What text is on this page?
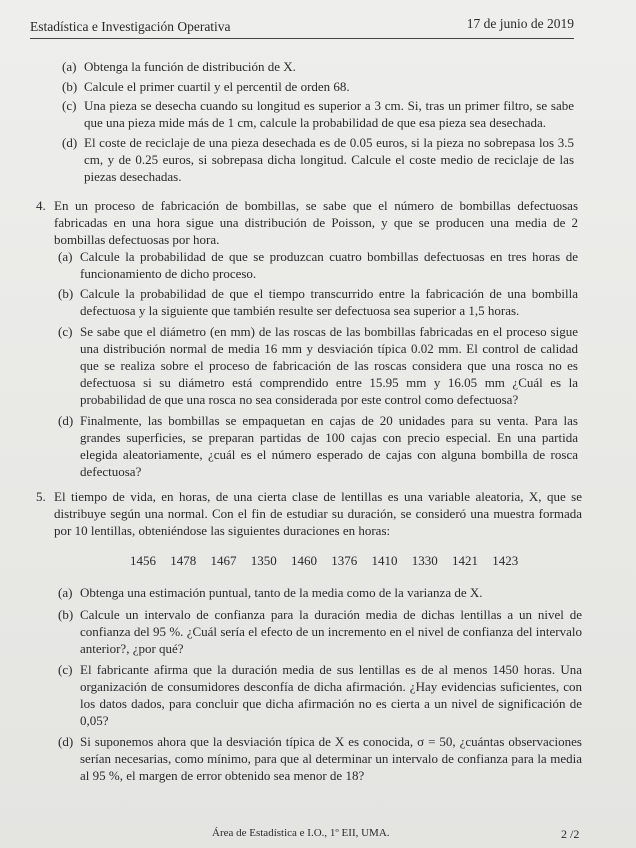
Estadística e Investigación Operativa	17 de junio de 2019
(a) Obtenga la función de distribución de X.
(b) Calcule el primer cuartil y el percentil de orden 68.
(c) Una pieza se desecha cuando su longitud es superior a 3 cm. Si, tras un primer filtro, se sabe que una pieza mide más de 1 cm, calcule la probabilidad de que esa pieza sea desechada.
(d) El coste de reciclaje de una pieza desechada es de 0.05 euros, si la pieza no sobrepasa los 3.5 cm, y de 0.25 euros, si sobrepasa dicha longitud. Calcule el coste medio de reciclaje de las piezas desechadas.
4. En un proceso de fabricación de bombillas, se sabe que el número de bombillas defectuosas fabricadas en una hora sigue una distribución de Poisson, y que se producen una media de 2 bombillas defectuosas por hora.
(a) Calcule la probabilidad de que se produzcan cuatro bombillas defectuosas en tres horas de funcionamiento de dicho proceso.
(b) Calcule la probabilidad de que el tiempo transcurrido entre la fabricación de una bombilla defectuosa y la siguiente que también resulte ser defectuosa sea superior a 1,5 horas.
(c) Se sabe que el diámetro (en mm) de las roscas de las bombillas fabricadas en el proceso sigue una distribución normal de media 16 mm y desviación típica 0.02 mm. El control de calidad que se realiza sobre el proceso de fabricación de las roscas considera que una rosca no es defectuosa si su diámetro está comprendido entre 15.95 mm y 16.05 mm ¿Cuál es la probabilidad de que una rosca no sea considerada por este control como defectuosa?
(d) Finalmente, las bombillas se empaquetan en cajas de 20 unidades para su venta. Para las grandes superficies, se preparan partidas de 100 cajas con precio especial. En una partida elegida aleatoriamente, ¿cuál es el número esperado de cajas con alguna bombilla de rosca defectuosa?
5. El tiempo de vida, en horas, de una cierta clase de lentillas es una variable aleatoria, X, que se distribuye según una normal. Con el fin de estudiar su duración, se consideró una muestra formada por 10 lentillas, obteniéndose las siguientes duraciones en horas:
1456 1478 1467 1350 1460 1376 1410 1330 1421 1423
(a) Obtenga una estimación puntual, tanto de la media como de la varianza de X.
(b) Calcule un intervalo de confianza para la duración media de dichas lentillas a un nivel de confianza del 95 %. ¿Cuál sería el efecto de un incremento en el nivel de confianza del intervalo anterior?, ¿por qué?
(c) El fabricante afirma que la duración media de sus lentillas es de al menos 1450 horas. Una organización de consumidores desconfía de dicha afirmación. ¿Hay evidencias suficientes, con los datos dados, para concluir que dicha afirmación no es cierta a un nivel de significación de 0,05?
(d) Si suponemos ahora que la desviación típica de X es conocida, σ = 50, ¿cuántas observaciones serían necesarias, como mínimo, para que al determinar un intervalo de confianza para la media al 95 %, el margen de error obtenido sea menor de 18?
Área de Estadística e I.O., 1º EII, UMA.	2 /2
